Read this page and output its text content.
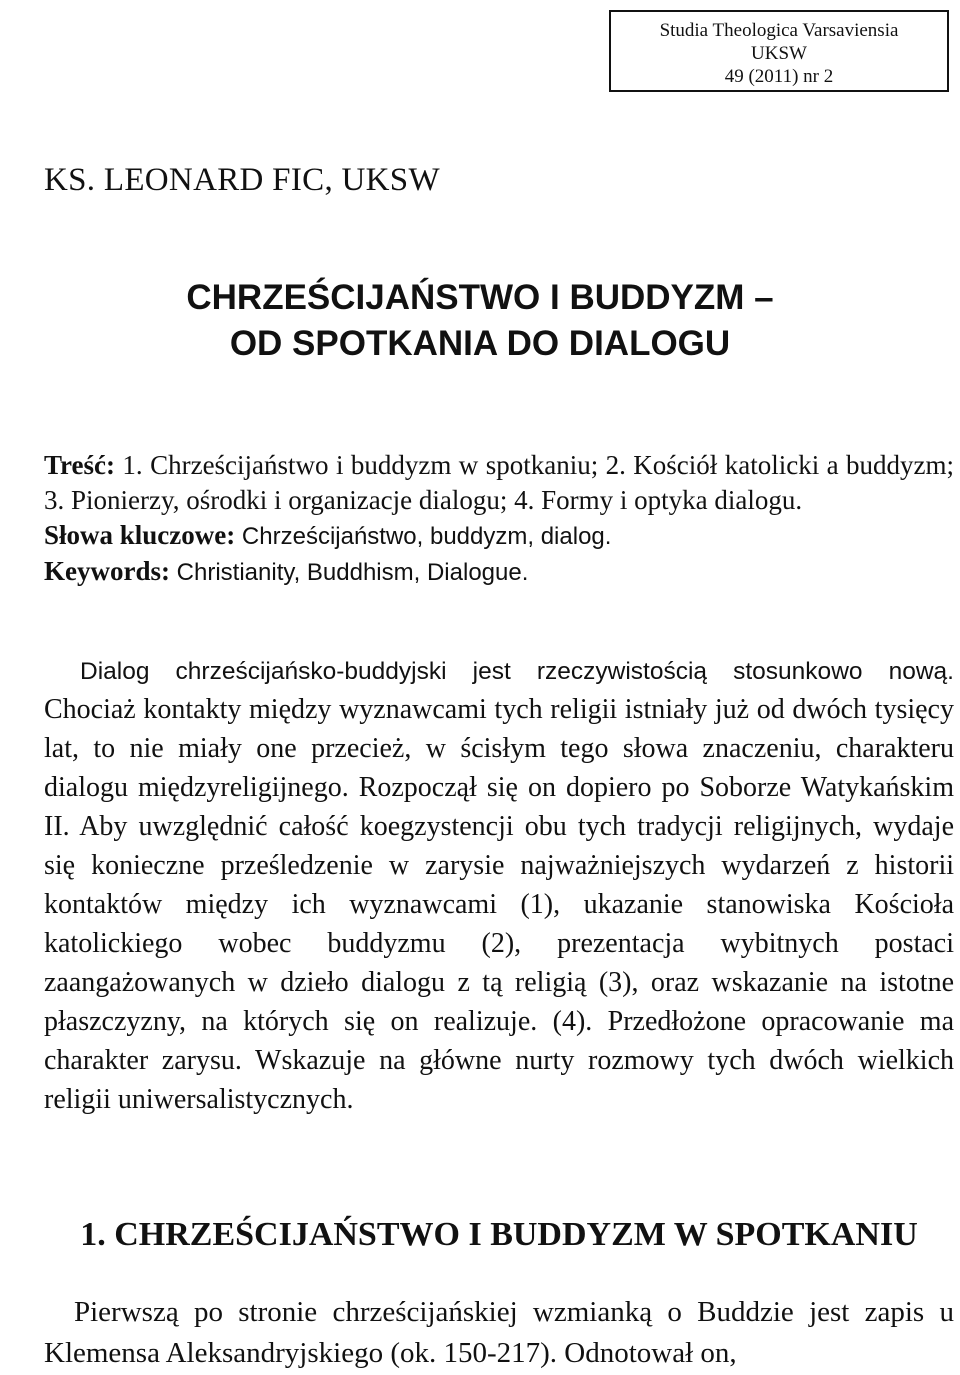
Studia Theologica Varsaviensia
UKSW
49 (2011) nr 2
KS. LEONARD FIC, UKSW
CHRZEŚCIJAŃSTWO I BUDDYZM –
OD SPOTKANIA DO DIALOGU

Treść: 1. Chrześcijaństwo i buddyzm w spotkaniu; 2. Kościół katolicki a buddyzm; 3. Pionierzy, ośrodki i organizacje dialogu; 4. Formy i optyka dialogu.

Słowa kluczowe: Chrześcijaństwo, buddyzm, dialog.

Keywords: Christianity, Buddhism, Dialogue.

Dialog chrześcijańsko-buddyjski jest rzeczywistością stosunkowo nową. Chociaż kontakty między wyznawcami tych religii istniały już od dwóch tysięcy lat, to nie miały one przecież, w ścisłym tego słowa znaczeniu, charakteru dialogu międzyreligijnego. Rozpoczął się on dopiero po Soborze Watykańskim II. Aby uwzględnić całość koegzystencji obu tych tradycji religijnych, wydaje się konieczne prześledzenie w zarysie najważniejszych wydarzeń z historii kontaktów między ich wyznawcami (1), ukazanie stanowiska Kościoła katolickiego wobec buddyzmu (2), prezentacja wybitnych postaci zaangażowanych w dzieło dialogu z tą religią (3), oraz wskazanie na istotne płaszczyzny, na których się on realizuje. (4). Przedłożone opracowanie ma charakter zarysu. Wskazuje na główne nurty rozmowy tych dwóch wielkich religii uniwersalistycznych.

1. CHRZEŚCIJAŃSTWO I BUDDYZM W SPOTKANIU

Pierwszą po stronie chrześcijańskiej wzmianką o Buddzie jest zapis u Klemensa Aleksandryjskiego (ok. 150-217). Odnotował on,
